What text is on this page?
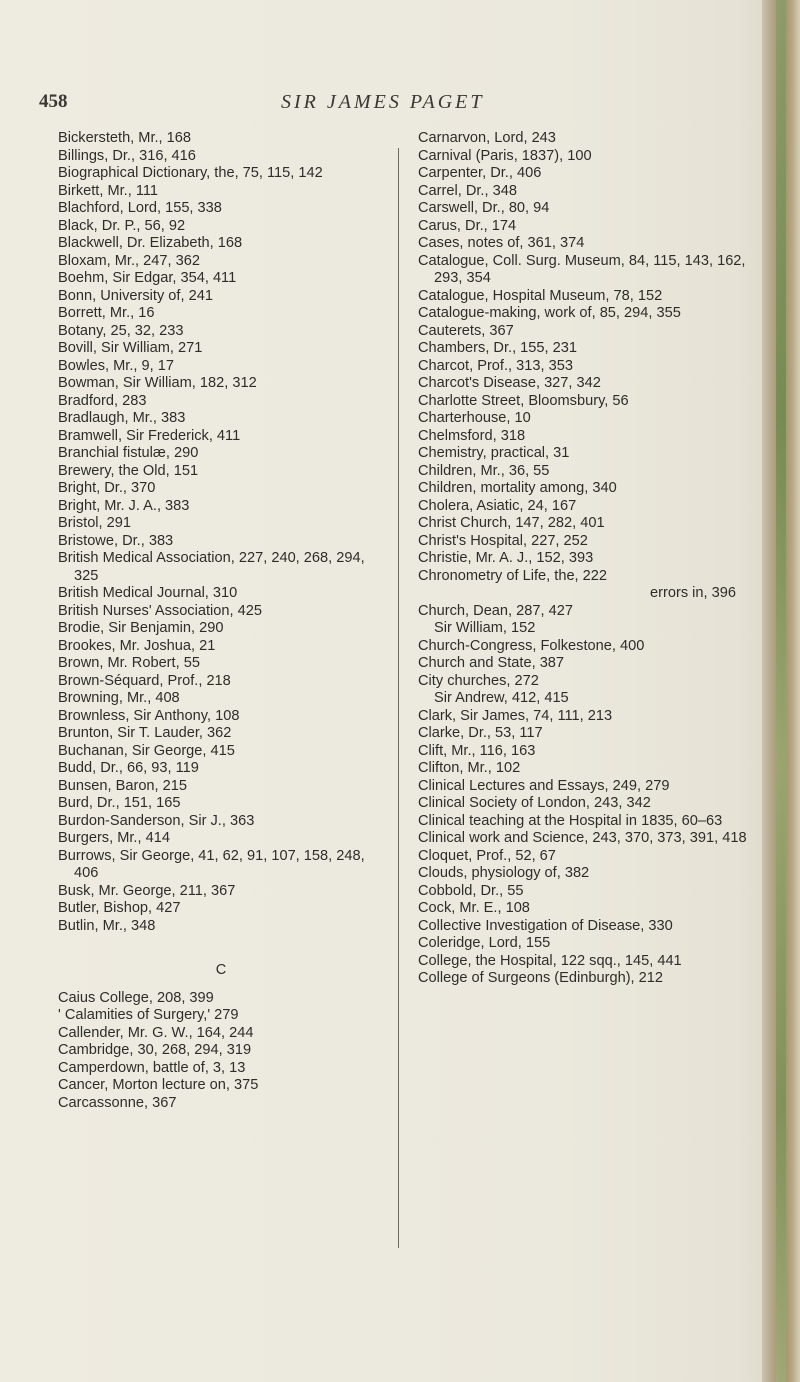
458	SIR JAMES PAGET

Bickersteth, Mr., 168

Billings, Dr., 316, 416

Biographical Dictionary, the, 75, 115, 142

Birkett, Mr., 111

Blachford, Lord, 155, 338

Black, Dr. P., 56, 92

Blackwell, Dr. Elizabeth, 168

Bloxam, Mr., 247, 362

Boehm, Sir Edgar, 354, 411

Bonn, University of, 241

Borrett, Mr., 16

Botany, 25, 32, 233

Bovill, Sir William, 271

Bowles, Mr., 9, 17

Bowman, Sir William, 182, 312

Bradford, 283

Bradlaugh, Mr., 383

Bramwell, Sir Frederick, 411

Branchial fistulæ, 290

Brewery, the Old, 151

Bright, Dr., 370

Bright, Mr. J. A., 383

Bristol, 291

Bristowe, Dr., 383

British Medical Association, 227, 240, 268, 294, 325

British Medical Journal, 310

British Nurses' Association, 425

Brodie, Sir Benjamin, 290

Brookes, Mr. Joshua, 21

Brown, Mr. Robert, 55

Brown-Séquard, Prof., 218

Browning, Mr., 408

Brownless, Sir Anthony, 108

Brunton, Sir T. Lauder, 362

Buchanan, Sir George, 415

Budd, Dr., 66, 93, 119

Bunsen, Baron, 215

Burd, Dr., 151, 165

Burdon-Sanderson, Sir J., 363

Burgers, Mr., 414

Burrows, Sir George, 41, 62, 91, 107, 158, 248, 406

Busk, Mr. George, 211, 367

Butler, Bishop, 427

Butlin, Mr., 348

C

Caius College, 208, 399

' Calamities of Surgery,' 279

Callender, Mr. G. W., 164, 244

Cambridge, 30, 268, 294, 319

Camperdown, battle of, 3, 13

Cancer, Morton lecture on, 375

Carcassonne, 367

Carnarvon, Lord, 243

Carnival (Paris, 1837), 100

Carpenter, Dr., 406

Carrel, Dr., 348

Carswell, Dr., 80, 94

Carus, Dr., 174

Cases, notes of, 361, 374

Catalogue, Coll. Surg. Museum, 84, 115, 143, 162, 293, 354

Catalogue, Hospital Museum, 78, 152

Catalogue-making, work of, 85, 294, 355

Cauterets, 367

Chambers, Dr., 155, 231

Charcot, Prof., 313, 353

Charcot's Disease, 327, 342

Charlotte Street, Bloomsbury, 56

Charterhouse, 10

Chelmsford, 318

Chemistry, practical, 31

Children, Mr., 36, 55

Children, mortality among, 340

Cholera, Asiatic, 24, 167

Christ Church, 147, 282, 401

Christ's Hospital, 227, 252

Christie, Mr. A. J., 152, 393

Chronometry of Life, the, 222

errors in, 396

Church, Dean, 287, 427

Sir William, 152

Church-Congress, Folkestone, 400

Church and State, 387

City churches, 272

Sir Andrew, 412, 415

Clark, Sir James, 74, 111, 213

Clarke, Dr., 53, 117

Clift, Mr., 116, 163

Clifton, Mr., 102

Clinical Lectures and Essays, 249, 279

Clinical Society of London, 243, 342

Clinical teaching at the Hospital in 1835, 60–63

Clinical work and Science, 243, 370, 373, 391, 418

Cloquet, Prof., 52, 67

Clouds, physiology of, 382

Cobbold, Dr., 55

Cock, Mr. E., 108

Collective Investigation of Disease, 330

Coleridge, Lord, 155

College, the Hospital, 122 sqq., 145, 441

College of Surgeons (Edinburgh), 212
